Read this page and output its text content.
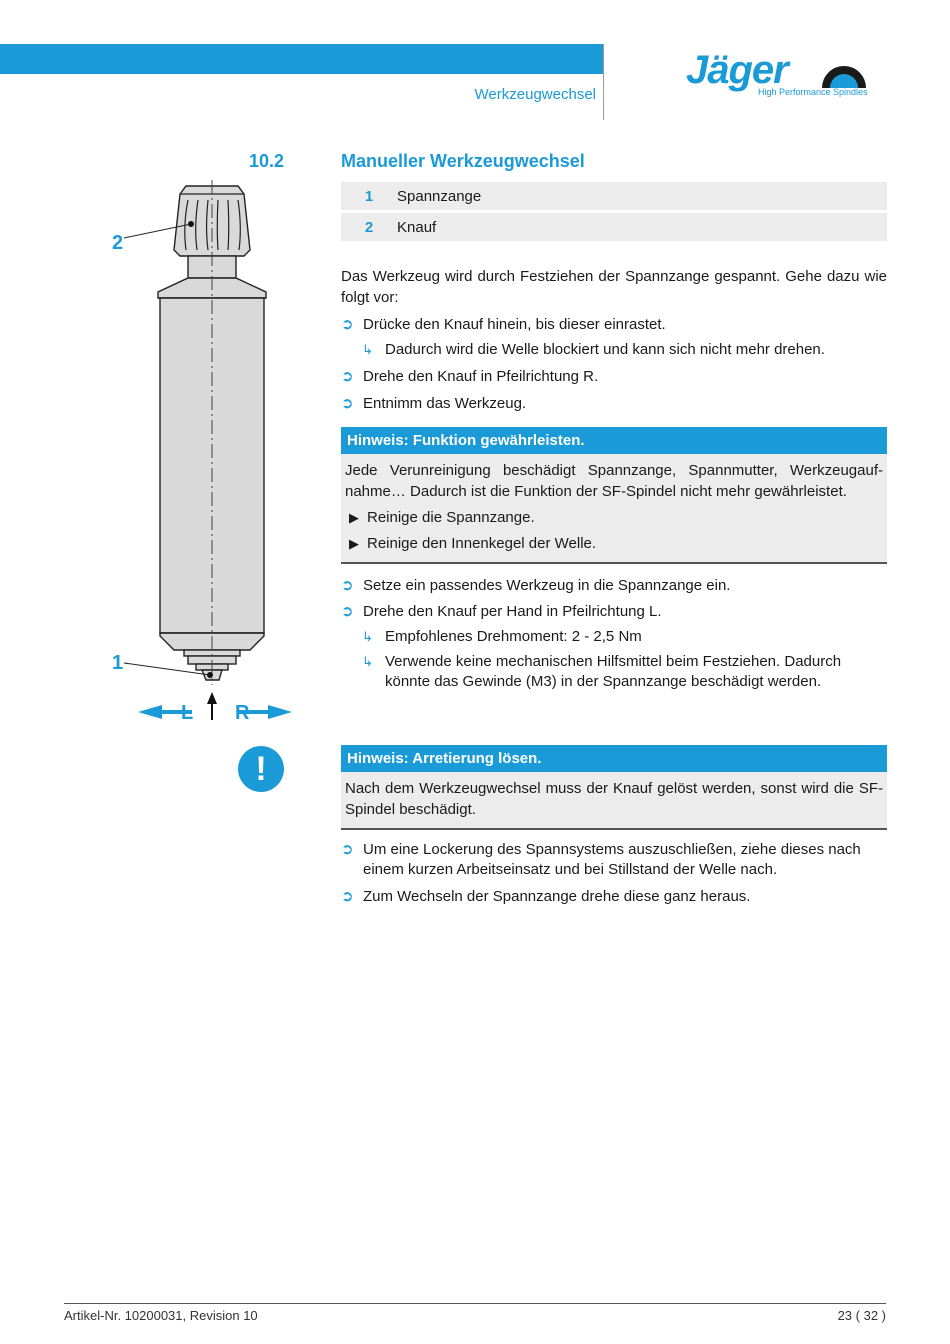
Werkzeugwechsel
Jäger
High Performance Spindles
10.2	Manueller Werkzeugwechsel
1	Spannzange
2	Knauf
2
1
L R
Das Werkzeug wird durch Festziehen der Spannzange gespannt. Gehe dazu wie folgt vor:
➲ Drücke den Knauf hinein, bis dieser einrastet.
↳ Dadurch wird die Welle blockiert und kann sich nicht mehr drehen.
➲ Drehe den Knauf in Pfeilrichtung R.
➲ Entnimm das Werkzeug.
Hinweis: Funktion gewährleisten.
Jede Verunreinigung beschädigt Spannzange, Spannmutter, Werkzeugaufnahme… Dadurch ist die Funktion der SF-Spindel nicht mehr gewährleistet.
▶ Reinige die Spannzange.
▶ Reinige den Innenkegel der Welle.
➲ Setze ein passendes Werkzeug in die Spannzange ein.
➲ Drehe den Knauf per Hand in Pfeilrichtung L.
↳ Empfohlenes Drehmoment: 2 - 2,5 Nm
↳ Verwende keine mechanischen Hilfsmittel beim Festziehen. Dadurch könnte das Gewinde (M3) in der Spannzange beschädigt werden.
!	Hinweis: Arretierung lösen.
Nach dem Werkzeugwechsel muss der Knauf gelöst werden, sonst wird die SF-Spindel beschädigt.
➲ Um eine Lockerung des Spannsystems auszuschließen, ziehe dieses nach einem kurzen Arbeitseinsatz und bei Stillstand der Welle nach.
➲ Zum Wechseln der Spannzange drehe diese ganz heraus.
Artikel-Nr. 10200031, Revision 10	23 ( 32 )
